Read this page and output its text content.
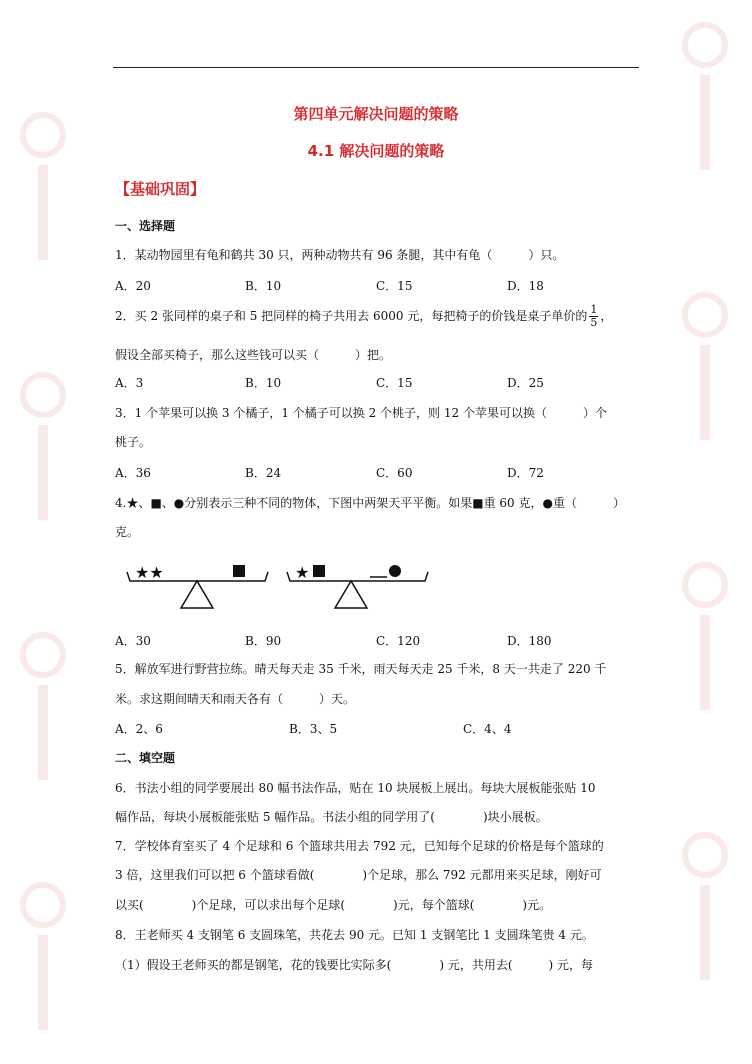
第四单元解决问题的策略
4.1 解决问题的策略
【基础巩固】
一、选择题
1．某动物园里有龟和鹤共 30 只，两种动物共有 96 条腿，其中有龟（　　　）只。
A．20	B．10	C．15	D．18
2．买 2 张同样的桌子和 5 把同样的椅子共用去 6000 元，每把椅子的价钱是桌子单价的 $\frac{1}{5}$ ，
假设全部买椅子，那么这些钱可以买（　　　）把。
A．3	B．10	C．15	D．25
3．1 个苹果可以换 3 个橘子，1 个橘子可以换 2 个桃子，则 12 个苹果可以换（　　　）个
桃子。
A．36	B．24	C．60	D．72
4.★、■、●分别表示三种不同的物体，下图中两架天平平衡。如果■重 60 克，●重（　　　）
克。
★★	★
A．30	B．90	C．120	D．180
5．解放军进行野营拉练。晴天每天走 35 千米，雨天每天走 25 千米，8 天一共走了 220 千
米。求这期间晴天和雨天各有（　　　）天。
A．2、6	B．3、5	C．4、4
二、填空题
6．书法小组的同学要展出 80 幅书法作品，贴在 10 块展板上展出。每块大展板能张贴 10
幅作品，每块小展板能张贴 5 幅作品。书法小组的同学用了(　　　　)块小展板。
7．学校体育室买了 4 个足球和 6 个篮球共用去 792 元，已知每个足球的价格是每个篮球的
3 倍，这里我们可以把 6 个篮球看做(　　　　)个足球，那么 792 元都用来买足球，刚好可
以买(　　　　)个足球，可以求出每个足球(　　　　)元，每个篮球(　　　　)元。
8．王老师买 4 支钢笔 6 支圆珠笔，共花去 90 元。已知 1 支钢笔比 1 支圆珠笔贵 4 元。
（1）假设王老师买的都是钢笔，花的钱要比实际多(　　　　) 元，共用去(　　　) 元，每
